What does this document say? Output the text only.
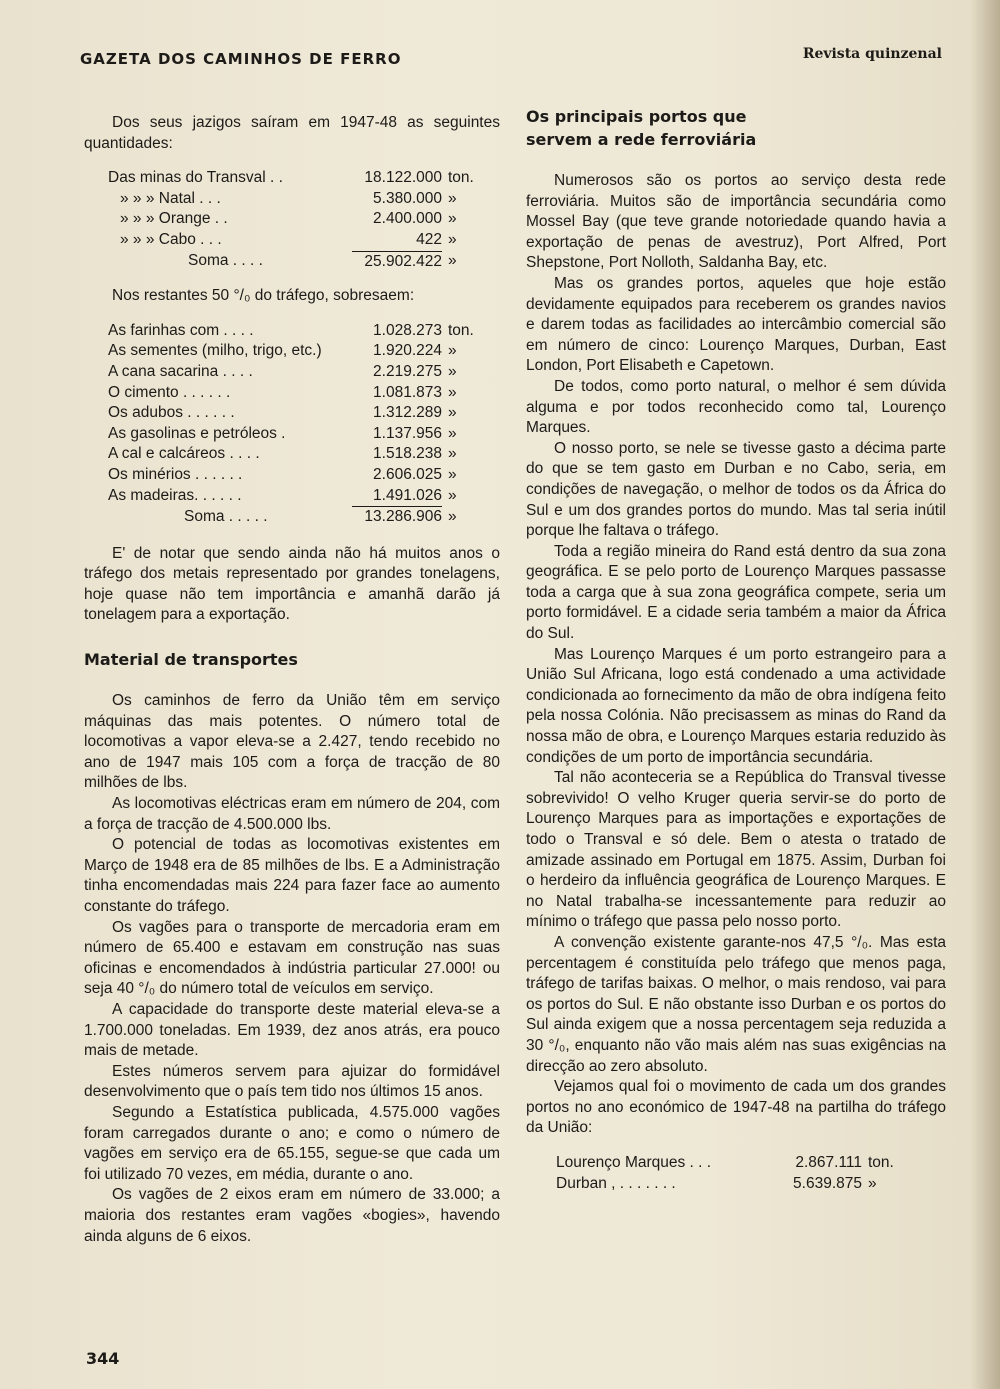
GAZETA DOS CAMINHOS DE FERRO	Revista quinzenal

Dos seus jazigos saíram em 1947-48 as seguintes quantidades:

Das minas do Transval . .	18.122.000	ton.
» » » Natal . . .	5.380.000	»
» » » Orange . .	2.400.000	»
» » » Cabo . . .	422	»
Soma . . . .	25.902.422	»

Nos restantes 50 °/₀ do tráfego, sobresaem:

As farinhas com . . . .	1.028.273	ton.
As sementes (milho, trigo, etc.)	1.920.224	»
A cana sacarina . . . .	2.219.275	»
O cimento . . . . . .	1.081.873	»
Os adubos . . . . . .	1.312.289	»
As gasolinas e petróleos .	1.137.956	»
A cal e calcáreos . . . .	1.518.238	»
Os minérios . . . . . .	2.606.025	»
As madeiras. . . . . .	1.491.026	»
Soma . . . . .	13.286.906	»

E' de notar que sendo ainda não há muitos anos o tráfego dos metais representado por grandes tonelagens, hoje quase não tem importância e amanhã darão já tonelagem para a exportação.

Material de transportes

Os caminhos de ferro da União têm em serviço máquinas das mais potentes. O número total de locomotivas a vapor eleva-se a 2.427, tendo recebido no ano de 1947 mais 105 com a força de tracção de 80 milhões de lbs.

As locomotivas eléctricas eram em número de 204, com a força de tracção de 4.500.000 lbs.

O potencial de todas as locomotivas existentes em Março de 1948 era de 85 milhões de lbs. E a Administração tinha encomendadas mais 224 para fazer face ao aumento constante do tráfego.

Os vagões para o transporte de mercadoria eram em número de 65.400 e estavam em construção nas suas oficinas e encomendados à indústria particular 27.000! ou seja 40 °/₀ do número total de veículos em serviço.

A capacidade do transporte deste material eleva-se a 1.700.000 toneladas. Em 1939, dez anos atrás, era pouco mais de metade.

Estes números servem para ajuizar do formidável desenvolvimento que o país tem tido nos últimos 15 anos.

Segundo a Estatística publicada, 4.575.000 vagões foram carregados durante o ano; e como o número de vagões em serviço era de 65.155, segue-se que cada um foi utilizado 70 vezes, em média, durante o ano.

Os vagões de 2 eixos eram em número de 33.000; a maioria dos restantes eram vagões «bogies», havendo ainda alguns de 6 eixos.

Os principais portos que

servem a rede ferroviária

Numerosos são os portos ao serviço desta rede ferroviária. Muitos são de importância secundária como Mossel Bay (que teve grande notoriedade quando havia a exportação de penas de avestruz), Port Alfred, Port Shepstone, Port Nolloth, Saldanha Bay, etc.

Mas os grandes portos, aqueles que hoje estão devidamente equipados para receberem os grandes navios e darem todas as facilidades ao intercâmbio comercial são em número de cinco: Lourenço Marques, Durban, East London, Port Elisabeth e Capetown.

De todos, como porto natural, o melhor é sem dúvida alguma e por todos reconhecido como tal, Lourenço Marques.

O nosso porto, se nele se tivesse gasto a décima parte do que se tem gasto em Durban e no Cabo, seria, em condições de navegação, o melhor de todos os da África do Sul e um dos grandes portos do mundo. Mas tal seria inútil porque lhe faltava o tráfego.

Toda a região mineira do Rand está dentro da sua zona geográfica. E se pelo porto de Lourenço Marques passasse toda a carga que à sua zona geográfica compete, seria um porto formidável. E a cidade seria também a maior da África do Sul.

Mas Lourenço Marques é um porto estrangeiro para a União Sul Africana, logo está condenado a uma actividade condicionada ao fornecimento da mão de obra indígena feito pela nossa Colónia. Não precisassem as minas do Rand da nossa mão de obra, e Lourenço Marques estaria reduzido às condições de um porto de importância secundária.

Tal não aconteceria se a República do Transval tivesse sobrevivido! O velho Kruger queria servir-se do porto de Lourenço Marques para as importações e exportações de todo o Transval e só dele. Bem o atesta o tratado de amizade assinado em Portugal em 1875. Assim, Durban foi o herdeiro da influência geográfica de Lourenço Marques. E no Natal trabalha-se incessantemente para reduzir ao mínimo o tráfego que passa pelo nosso porto.

A convenção existente garante-nos 47,5 °/₀. Mas esta percentagem é constituída pelo tráfego que menos paga, tráfego de tarifas baixas. O melhor, o mais rendoso, vai para os portos do Sul. E não obstante isso Durban e os portos do Sul ainda exigem que a nossa percentagem seja reduzida a 30 °/₀, enquanto não vão mais além nas suas exigências na direcção ao zero absoluto.

Vejamos qual foi o movimento de cada um dos grandes portos no ano económico de 1947-48 na partilha do tráfego da União:

Lourenço Marques . . .	2.867.111	ton.
Durban , . . . . . . .	5.639.875	»
344
